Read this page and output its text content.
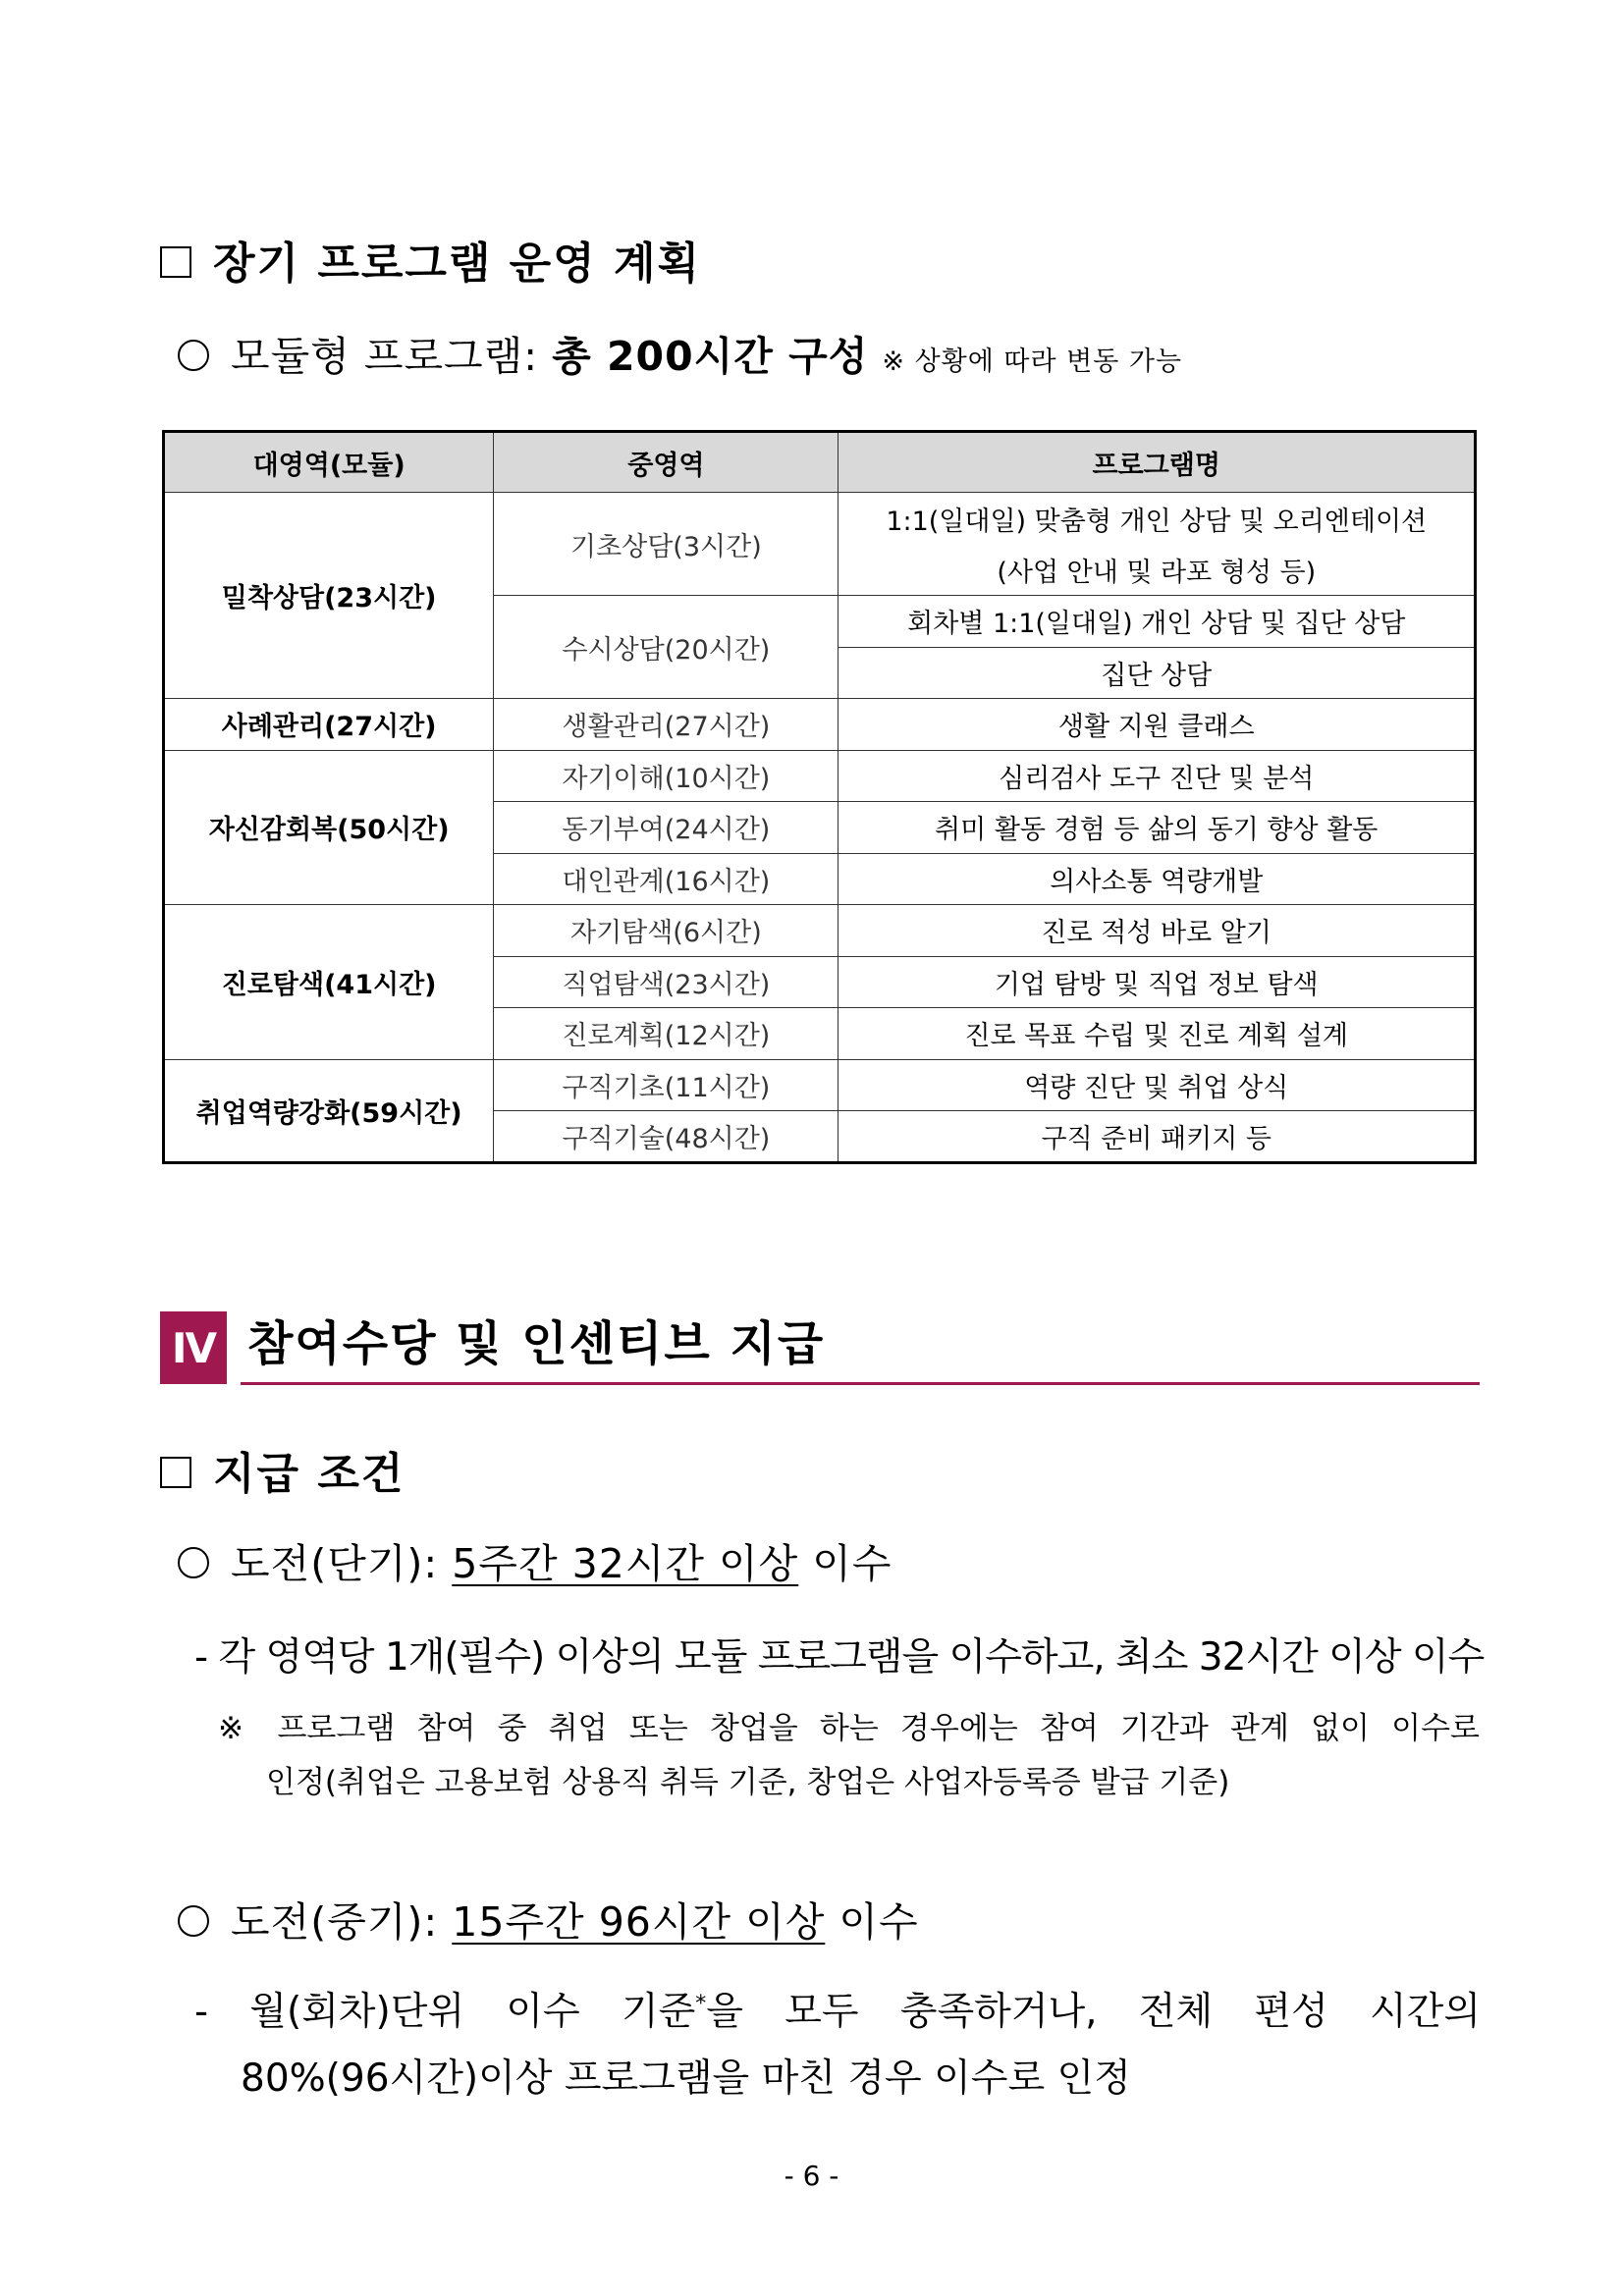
장기 프로그램 운영 계획
모듈형 프로그램: 총 200시간 구성 ※ 상황에 따라 변동 가능
대영역(모듈)	중영역	프로그램명
밀착상담(23시간)	기초상담(3시간)	1:1(일대일) 맞춤형 개인 상담 및 오리엔테이션
		(사업 안내 및 라포 형성 등)
	수시상담(20시간)	회차별 1:1(일대일) 개인 상담 및 집단 상담
		집단 상담
사례관리(27시간)	생활관리(27시간)	생활 지원 클래스
자신감회복(50시간)	자기이해(10시간)	심리검사 도구 진단 및 분석
	동기부여(24시간)	취미 활동 경험 등 삶의 동기 향상 활동
	대인관계(16시간)	의사소통 역량개발
진로탐색(41시간)	자기탐색(6시간)	진로 적성 바로 알기
	직업탐색(23시간)	기업 탐방 및 직업 정보 탐색
	진로계획(12시간)	진로 목표 수립 및 진로 계획 설계
취업역량강화(59시간)	구직기초(11시간)	역량 진단 및 취업 상식
	구직기술(48시간)	구직 준비 패키지 등
Ⅳ 참여수당 및 인센티브 지급
지급 조건
도전(단기): 5주간 32시간 이상 이수
- 각 영역당 1개(필수) 이상의 모듈 프로그램을 이수하고, 최소 32시간 이상 이수
※ 프로그램 참여 중 취업 또는 창업을 하는 경우에는 참여 기간과 관계 없이 이수로
인정(취업은 고용보험 상용직 취득 기준, 창업은 사업자등록증 발급 기준)
도전(중기): 15주간 96시간 이상 이수
- 월(회차)단위 이수 기준*을 모두 충족하거나, 전체 편성 시간의
80%(96시간)이상 프로그램을 마친 경우 이수로 인정
- 6 -
